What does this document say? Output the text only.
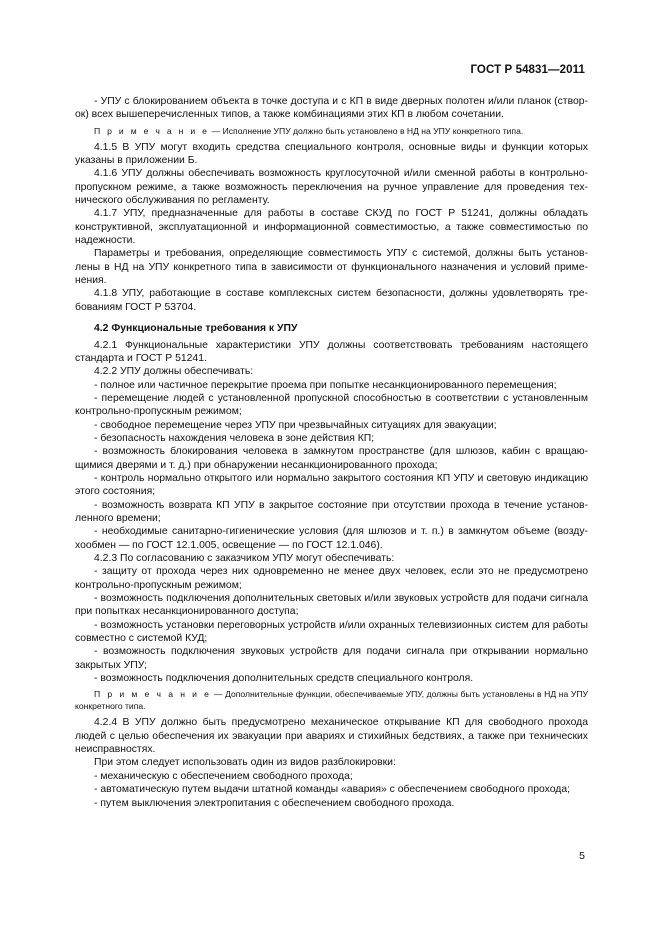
ГОСТ Р 54831—2011

- УПУ с блокированием объекта в точке доступа и с КП в виде дверных полотен и/или планок (створок) всех вышеперечисленных типов, а также комбинациями этих КП в любом сочетании.

П р и м е ч а н и е — Исполнение УПУ должно быть установлено в НД на УПУ конкретного типа.

4.1.5 В УПУ могут входить средства специального контроля, основные виды и функции которых указаны в приложении Б.

4.1.6 УПУ должны обеспечивать возможность круглосуточной и/или сменной работы в контрольно-пропускном режиме, а также возможность переключения на ручное управление для проведения технического обслуживания по регламенту.

4.1.7 УПУ, предназначенные для работы в составе СКУД по ГОСТ Р 51241, должны обладать конструктивной, эксплуатационной и информационной совместимостью, а также совместимостью по надежности.

Параметры и требования, определяющие совместимость УПУ с системой, должны быть установлены в НД на УПУ конкретного типа в зависимости от функционального назначения и условий применения.

4.1.8 УПУ, работающие в составе комплексных систем безопасности, должны удовлетворять требованиям ГОСТ Р 53704.

4.2 Функциональные требования к УПУ

4.2.1 Функциональные характеристики УПУ должны соответствовать требованиям настоящего стандарта и ГОСТ Р 51241.

4.2.2 УПУ должны обеспечивать:

- полное или частичное перекрытие проема при попытке несанкционированного перемещения;

- перемещение людей с установленной пропускной способностью в соответствии с установленным контрольно-пропускным режимом;

- свободное перемещение через УПУ при чрезвычайных ситуациях для эвакуации;

- безопасность нахождения человека в зоне действия КП;

- возможность блокирования человека в замкнутом пространстве (для шлюзов, кабин с вращающимися дверями и т. д.) при обнаружении несанкционированного прохода;

- контроль нормально открытого или нормально закрытого состояния КП УПУ и световую индикацию этого состояния;

- возможность возврата КП УПУ в закрытое состояние при отсутствии прохода в течение установленного времени;

- необходимые санитарно-гигиенические условия (для шлюзов и т. п.) в замкнутом объеме (воздухообмен — по ГОСТ 12.1.005, освещение — по ГОСТ 12.1.046).

4.2.3 По согласованию с заказчиком УПУ могут обеспечивать:

- защиту от прохода через них одновременно не менее двух человек, если это не предусмотрено контрольно-пропускным режимом;

- возможность подключения дополнительных световых и/или звуковых устройств для подачи сигнала при попытках несанкционированного доступа;

- возможность установки переговорных устройств и/или охранных телевизионных систем для работы совместно с системой КУД;

- возможность подключения звуковых устройств для подачи сигнала при открывании нормально закрытых УПУ;

- возможность подключения дополнительных средств специального контроля.

П р и м е ч а н и е — Дополнительные функции, обеспечиваемые УПУ, должны быть установлены в НД на УПУ конкретного типа.

4.2.4 В УПУ должно быть предусмотрено механическое открывание КП для свободного прохода людей с целью обеспечения их эвакуации при авариях и стихийных бедствиях, а также при технических неисправностях.

При этом следует использовать один из видов разблокировки:

- механическую с обеспечением свободного прохода;

- автоматическую путем выдачи штатной команды «авария» с обеспечением свободного прохода;

- путем выключения электропитания с обеспечением свободного прохода.

5
